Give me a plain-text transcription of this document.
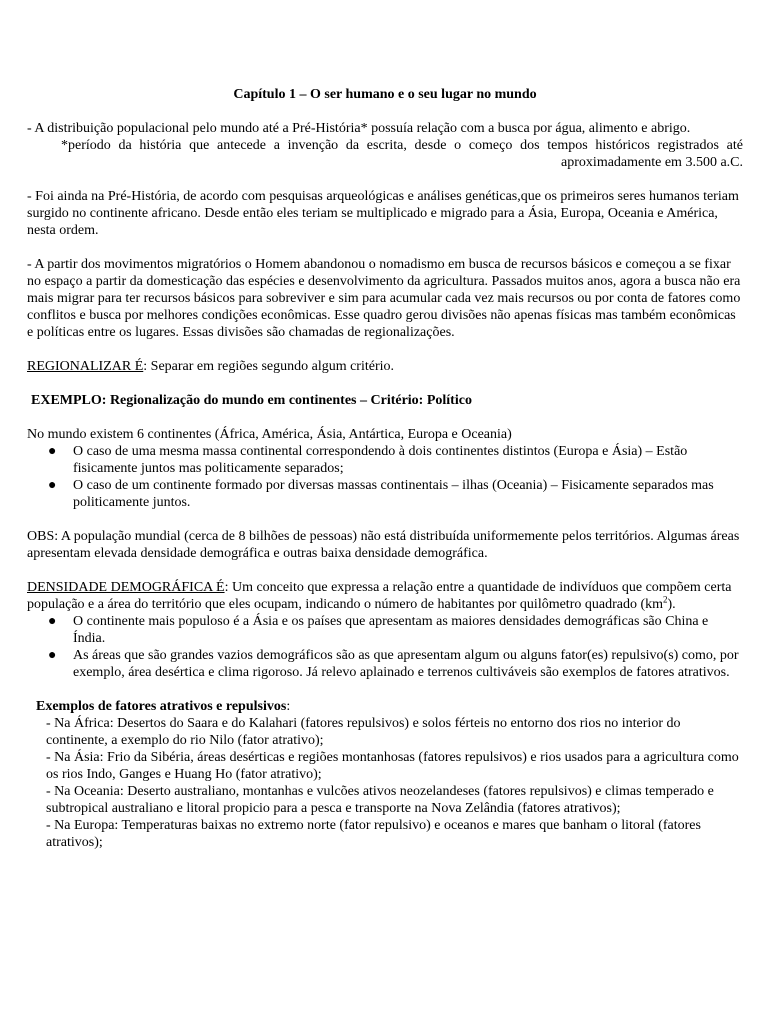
Capítulo 1 – O ser humano e o seu lugar no mundo

- A distribuição populacional pelo mundo até a Pré-História* possuía relação com a busca por água, alimento e abrigo.

*período da história que antecede a invenção da escrita, desde o começo dos tempos históricos registrados até aproximadamente em 3.500 a.C.

- Foi ainda na Pré-História, de acordo com pesquisas arqueológicas e análises genéticas,que os primeiros seres humanos teriam surgido no continente africano. Desde então eles teriam se multiplicado e migrado para a Ásia, Europa, Oceania e América, nesta ordem.

- A partir dos movimentos migratórios o Homem abandonou o nomadismo em busca de recursos básicos e começou a se fixar no espaço a partir da domesticação das espécies e desenvolvimento da agricultura. Passados muitos anos, agora a busca não era mais migrar para ter recursos básicos para sobreviver e sim para acumular cada vez mais recursos ou por conta de fatores como conflitos e busca por melhores condições econômicas. Esse quadro gerou divisões não apenas físicas mas também econômicas e políticas entre os lugares. Essas divisões são chamadas de regionalizações.

REGIONALIZAR É: Separar em regiões segundo algum critério.

EXEMPLO: Regionalização do mundo em continentes – Critério: Político

No mundo existem 6 continentes (África, América, Ásia, Antártica, Europa e Oceania)

● O caso de uma mesma massa continental correspondendo à dois continentes distintos (Europa e Ásia) – Estão fisicamente juntos mas politicamente separados;
● O caso de um continente formado por diversas massas continentais – ilhas (Oceania) – Fisicamente separados mas politicamente juntos.

OBS: A população mundial (cerca de 8 bilhões de pessoas) não está distribuída uniformemente pelos territórios. Algumas áreas apresentam elevada densidade demográfica e outras baixa densidade demográfica.

DENSIDADE DEMOGRÁFICA É: Um conceito que expressa a relação entre a quantidade de indivíduos que compõem certa população e a área do território que eles ocupam, indicando o número de habitantes por quilômetro quadrado $(km^2)$.

● O continente mais populoso é a Ásia e os países que apresentam as maiores densidades demográficas são China e Índia.
● As áreas que são grandes vazios demográficos são as que apresentam algum ou alguns fator(es) repulsivo(s) como, por exemplo, área desértica e clima rigoroso. Já relevo aplainado e terrenos cultiváveis são exemplos de fatores atrativos.

Exemplos de fatores atrativos e repulsivos:

- Na África: Desertos do Saara e do Kalahari (fatores repulsivos) e solos férteis no entorno dos rios no interior do continente, a exemplo do rio Nilo (fator atrativo);

- Na Ásia: Frio da Sibéria, áreas desérticas e regiões montanhosas (fatores repulsivos) e rios usados para a agricultura como os rios Indo, Ganges e Huang Ho (fator atrativo);

- Na Oceania: Deserto australiano, montanhas e vulcões ativos neozelandeses (fatores repulsivos) e climas temperado e subtropical australiano e litoral propicio para a pesca e transporte na Nova Zelândia (fatores atrativos);

- Na Europa: Temperaturas baixas no extremo norte (fator repulsivo) e oceanos e mares que banham o litoral (fatores atrativos);
